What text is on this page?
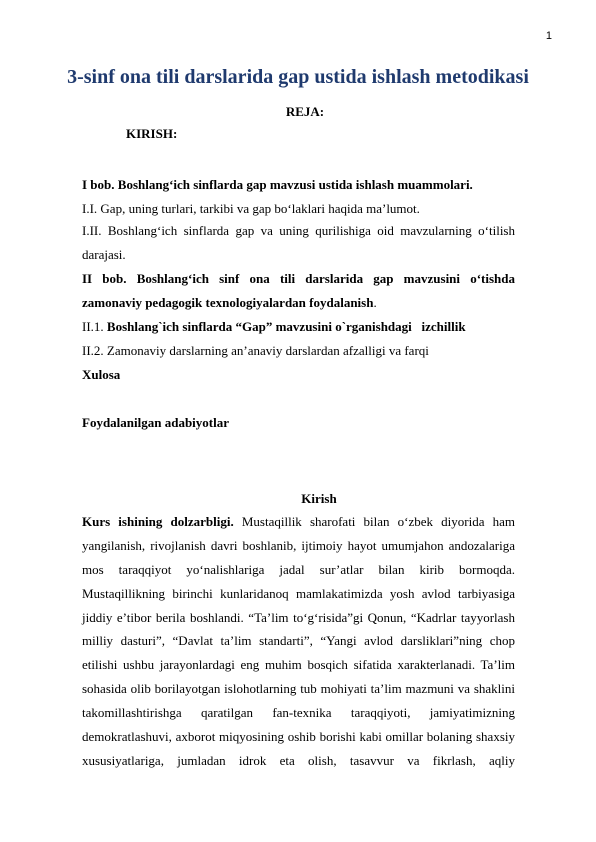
1
3-sinf ona tili darslarida gap ustida ishlash metodikasi
REJA:
KIRISH:
I bob. Boshlang‘ich sinflarda gap mavzusi ustida ishlash muammolari.
I.I. Gap, uning turlari, tarkibi va gap bo‘laklari haqida ma’lumot.
I.II. Boshlang‘ich sinflarda gap va uning qurilishiga oid mavzularning o‘tilish
darajasi.
II bob. Boshlang‘ich sinf ona tili darslarida gap mavzusini o‘tishda
zamonaviy pedagogik texnologiyalardan foydalanish.
II.1. Boshlang`ich sinflarda “Gap” mavzusini o`rganishdagi   izchillik
II.2. Zamonaviy darslarning an’anaviy darslardan afzalligi va farqi
Xulosa
Foydalanilgan adabiyotlar
Kirish
Kurs ishining dolzarbligi. Mustaqillik sharofati bilan o‘zbek diyorida ham
yangilanish, rivojlanish davri boshlanib, ijtimoiy hayot umumjahon andozalariga
mos taraqqiyot yo‘nalishlariga jadal sur’atlar bilan kirib bormoqda.
Mustaqillikning birinchi kunlaridanoq mamlakatimizda yosh avlod tarbiyasiga
jiddiy e’tibor berila boshlandi. “Ta’lim to‘g‘risida”gi Qonun, “Kadrlar tayyorlash
milliy dasturi”, “Davlat ta’lim standarti”, “Yangi avlod darsliklari”ning chop
etilishi ushbu jarayonlardagi eng muhim bosqich sifatida xarakterlanadi. Ta’lim
sohasida olib borilayotgan islohotlarning tub mohiyati ta’lim mazmuni va shaklini
takomillashtirishga qaratilgan fan-texnika taraqqiyoti, jamiyatimizning
demokratlashuvi, axborot miqyosining oshib borishi kabi omillar bolaning shaxsiy
xususiyatlariga, jumladan idrok eta olish, tasavvur va fikrlash, aqliy
